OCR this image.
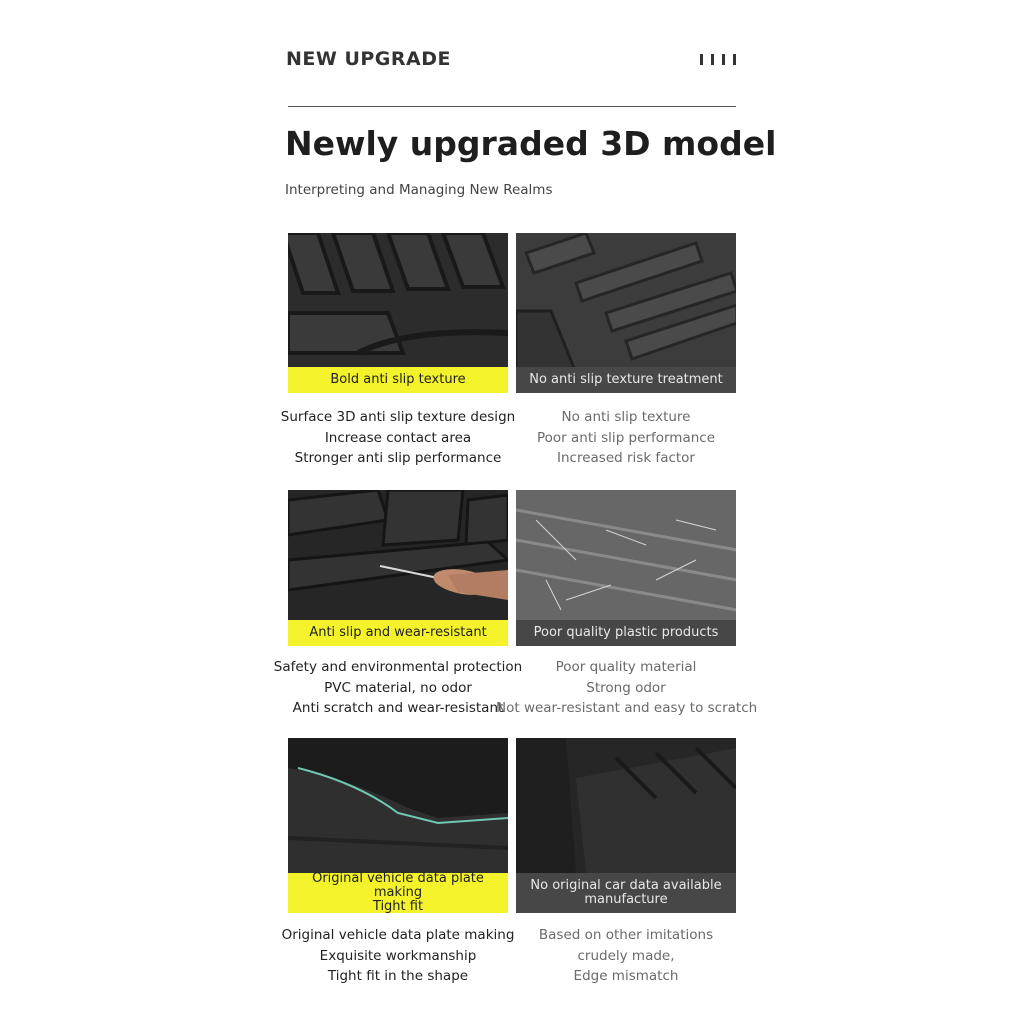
NEW UPGRADE
Newly upgraded 3D model
Interpreting and Managing New Realms
Bold anti slip texture	No anti slip texture treatment
Surface 3D anti slip texture design
Increase contact area
Stronger anti slip performance
No anti slip texture
Poor anti slip performance
Increased risk factor
Anti slip and wear-resistant	Poor quality plastic products
Safety and environmental protection
PVC material, no odor
Anti scratch and wear-resistant
Poor quality material
Strong odor
Not wear-resistant and easy to scratch
Original vehicle data plate making
Tight fit
No original car data available
manufacture
Original vehicle data plate making
Exquisite workmanship
Tight fit in the shape
Based on other imitations
crudely made,
Edge mismatch
